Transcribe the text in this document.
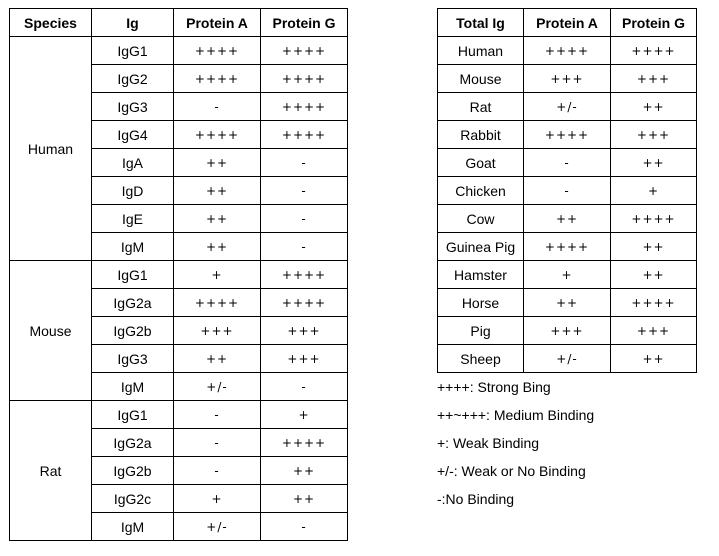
Species	Ig	Protein A	Protein G
Human	IgG1	++++	++++
	IgG2	++++	++++
	IgG3	-	++++
	IgG4	++++	++++
	IgA	++	-
	IgD	++	-
	IgE	++	-
	IgM	++	-
Mouse	IgG1	+	++++
	IgG2a	++++	++++
	IgG2b	+++	+++
	IgG3	++	+++
	IgM	+/-	-
Rat	IgG1	-	+
	IgG2a	-	++++
	IgG2b	-	++
	IgG2c	+	++
	IgM	+/-	-
Total Ig	Protein A	Protein G
Human	++++	++++
Mouse	+++	+++
Rat	+/-	++
Rabbit	++++	+++
Goat	-	++
Chicken	-	+
Cow	++	++++
Guinea Pig	++++	++
Hamster	+	++
Horse	++	++++
Pig	+++	+++
Sheep	+/-	++
++++: Strong Bing
++~+++: Medium Binding
+: Weak Binding
+/-: Weak or No Binding
-:No Binding
